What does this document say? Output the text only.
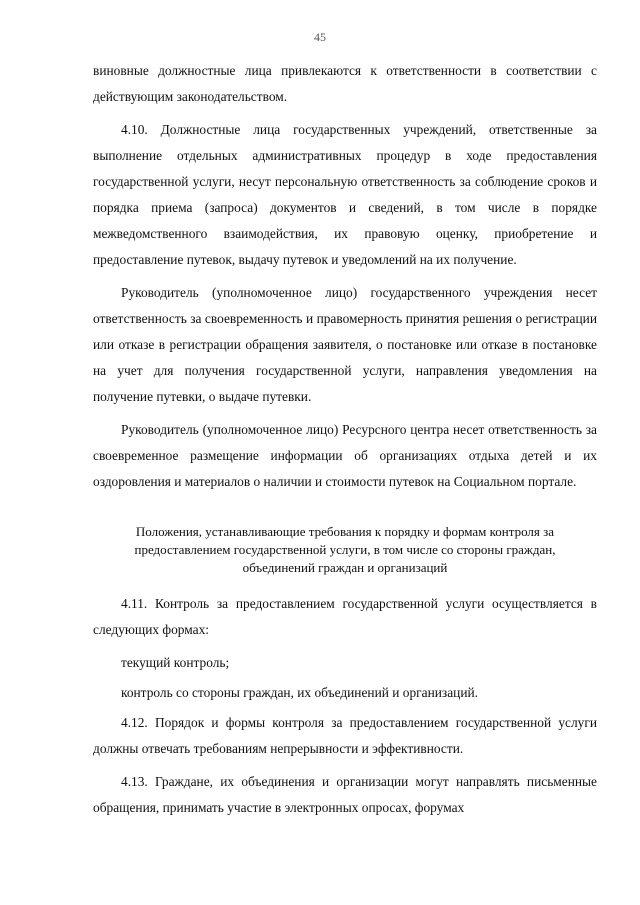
45

виновные должностные лица привлекаются к ответственности в соответствии с действующим законодательством.

4.10. Должностные лица государственных учреждений, ответственные за выполнение отдельных административных процедур в ходе предоставления государственной услуги, несут персональную ответственность за соблюдение сроков и порядка приема (запроса) документов и сведений, в том числе в порядке межведомственного взаимодействия, их правовую оценку, приобретение и предоставление путевок, выдачу путевок и уведомлений на их получение.

Руководитель (уполномоченное лицо) государственного учреждения несет ответственность за своевременность и правомерность принятия решения о регистрации или отказе в регистрации обращения заявителя, о постановке или отказе в постановке на учет для получения государственной услуги, направления уведомления на получение путевки, о выдаче путевки.

Руководитель (уполномоченное лицо) Ресурсного центра несет ответственность за своевременное размещение информации об организациях отдыха детей и их оздоровления и материалов о наличии и стоимости путевок на Социальном портале.

Положения, устанавливающие требования к порядку и формам контроля за предоставлением государственной услуги, в том числе со стороны граждан, объединений граждан и организаций

4.11. Контроль за предоставлением государственной услуги осуществляется в следующих формах:

текущий контроль;

контроль со стороны граждан, их объединений и организаций.

4.12. Порядок и формы контроля за предоставлением государственной услуги должны отвечать требованиям непрерывности и эффективности.

4.13. Граждане, их объединения и организации могут направлять письменные обращения, принимать участие в электронных опросах, форумах
